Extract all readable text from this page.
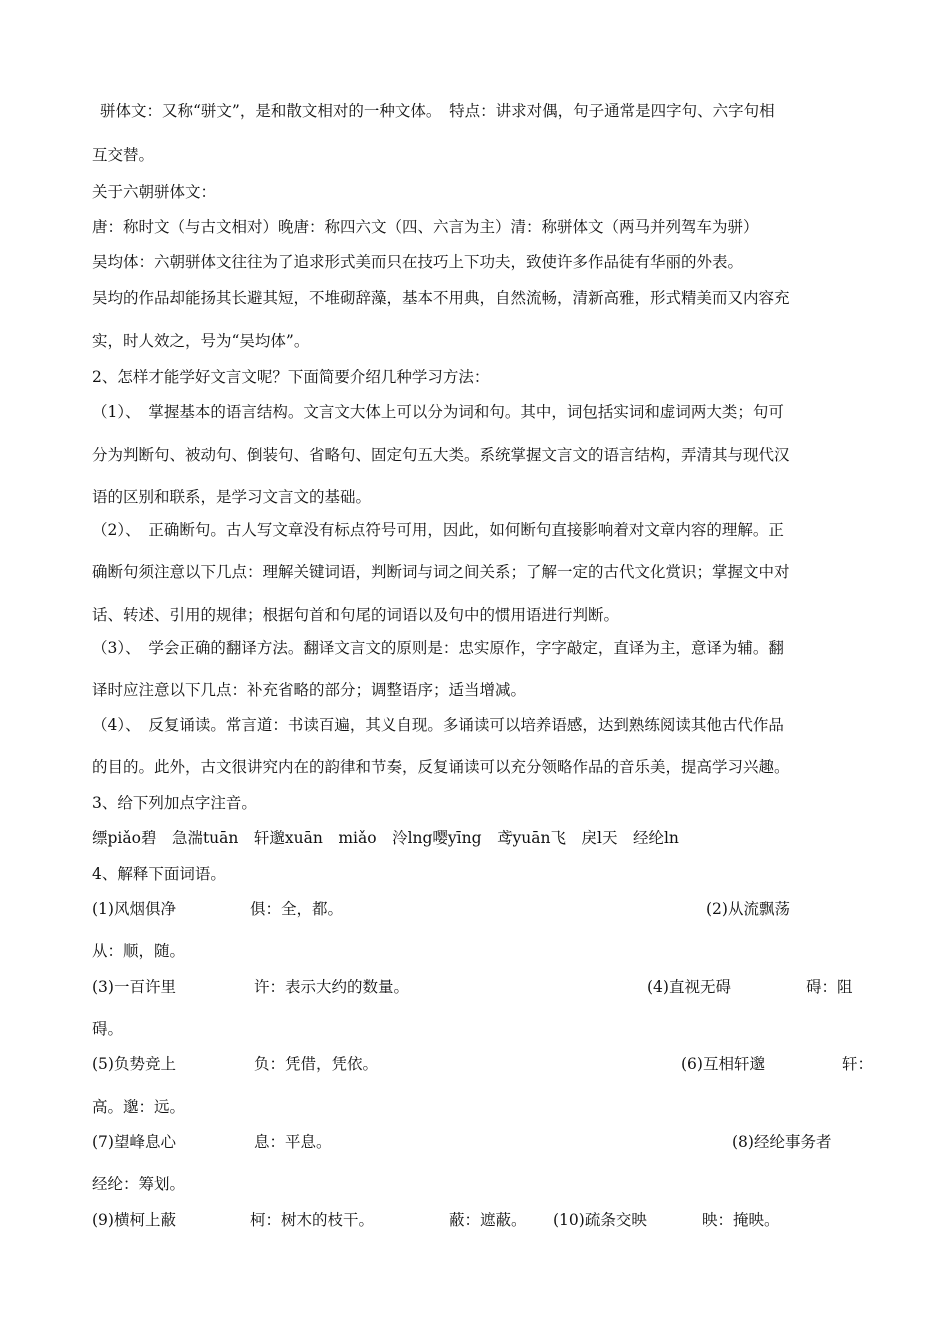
骈体文：又称“骈文”，是和散文相对的一种文体。　特点：讲求对偶，句子通常是四字句、六字句相
互交替。
关于六朝骈体文：
唐：称时文（与古文相对）晚唐：称四六文（四、六言为主）清：称骈体文（两马并列驾车为骈）
吴均体：六朝骈体文往往为了追求形式美而只在技巧上下功夫，致使许多作品徒有华丽的外表。
吴均的作品却能扬其长避其短，不堆砌辞藻，基本不用典，自然流畅，清新高雅，形式精美而又内容充
实，时人效之，号为“吴均体”。
2、怎样才能学好文言文呢？下面简要介绍几种学习方法：
（1）、　掌握基本的语言结构。文言文大体上可以分为词和句。其中，词包括实词和虚词两大类；句可
分为判断句、被动句、倒装句、省略句、固定句五大类。系统掌握文言文的语言结构，弄清其与现代汉
语的区别和联系，是学习文言文的基础。
（2）、　正确断句。古人写文章没有标点符号可用，因此，如何断句直接影响着对文章内容的理解。正
确断句须注意以下几点：理解关键词语，判断词与词之间关系；了解一定的古代文化赏识；掌握文中对
话、转述、引用的规律；根据句首和句尾的词语以及句中的惯用语进行判断。
（3）、　学会正确的翻译方法。翻译文言文的原则是：忠实原作，字字敲定，直译为主，意译为辅。翻
译时应注意以下几点：补充省略的部分；调整语序；适当增减。
（4）、　反复诵读。常言道：书读百遍，其义自现。多诵读可以培养语感，达到熟练阅读其他古代作品
的目的。此外，古文很讲究内在的韵律和节奏，反复诵读可以充分领略作品的音乐美，提高学习兴趣。
3、给下列加点字注音。
缥piǎo碧　急湍tuān　轩邈xuān　miǎo　泠lng嘤yīng　鸢yuān飞　戾l天　经纶ln
4、解释下面词语。
(1)风烟俱净	俱：全，都。	(2)从流飘荡
从：顺，随。
(3)一百许里	许：表示大约的数量。	(4)直视无碍	碍：阻
碍。
(5)负势竞上	负：凭借，凭依。	(6)互相轩邈	轩：
高。邈：远。
(7)望峰息心	息：平息。	(8)经纶事务者
经纶：筹划。
(9)横柯上蔽	柯：树木的枝干。	蔽：遮蔽。 (10)疏条交映	映：掩映。
